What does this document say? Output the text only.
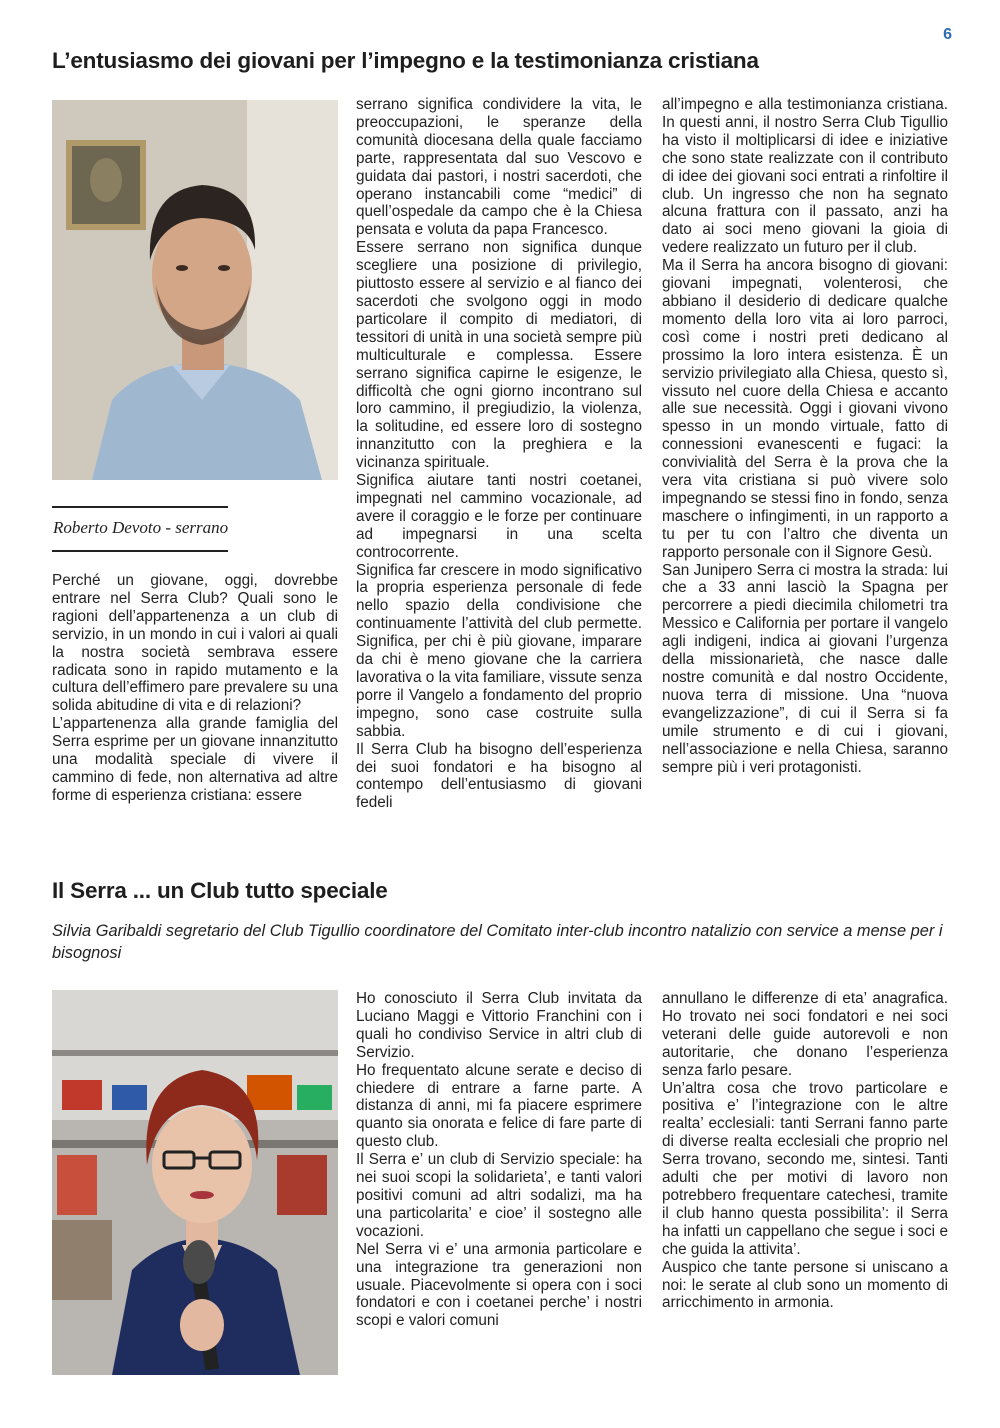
6
L’entusiasmo dei giovani per l’impegno e la testimonianza cristiana
Roberto Devoto - serrano

Perché un giovane, oggi, dovrebbe entrare nel Serra Club? Quali sono le ragioni dell’appartenenza a un club di servizio, in un mondo in cui i valori ai quali la nostra società sembrava essere radicata sono in rapido mutamento e la cultura dell’effimero pare prevalere su una solida abitudine di vita e di relazioni?

L’appartenenza alla grande famiglia del Serra esprime per un giovane innanzitutto una modalità speciale di vivere il cammino di fede, non alternativa ad altre forme di esperienza cristiana: essere

serrano significa condividere la vita, le preoccupazioni, le speranze della comunità diocesana della quale facciamo parte, rappresentata dal suo Vescovo e guidata dai pastori, i nostri sacerdoti, che operano instancabili come “medici” di quell’ospedale da campo che è la Chiesa pensata e voluta da papa Francesco.

Essere serrano non significa dunque scegliere una posizione di privilegio, piuttosto essere al servizio e al fianco dei sacerdoti che svolgono oggi in modo particolare il compito di mediatori, di tessitori di unità in una società sempre più multiculturale e complessa. Essere serrano significa capirne le esigenze, le difficoltà che ogni giorno incontrano sul loro cammino, il pregiudizio, la violenza, la solitudine, ed essere loro di sostegno innanzitutto con la preghiera e la vicinanza spirituale.

Significa aiutare tanti nostri coetanei, impegnati nel cammino vocazionale, ad avere il coraggio e le forze per continuare ad impegnarsi in una scelta controcorrente.

Significa far crescere in modo significativo la propria esperienza personale di fede nello spazio della condivisione che continuamente l’attività del club permette. Significa, per chi è più giovane, imparare da chi è meno giovane che la carriera lavorativa o la vita familiare, vissute senza porre il Vangelo a fondamento del proprio impegno, sono case costruite sulla sabbia.

Il Serra Club ha bisogno dell’esperienza dei suoi fondatori e ha bisogno al contempo dell’entusiasmo di giovani fedeli

all’impegno e alla testimonianza cristiana. In questi anni, il nostro Serra Club Tigullio ha visto il moltiplicarsi di idee e iniziative che sono state realizzate con il contributo di idee dei giovani soci entrati a rinfoltire il club. Un ingresso che non ha segnato alcuna frattura con il passato, anzi ha dato ai soci meno giovani la gioia di vedere realizzato un futuro per il club.

Ma il Serra ha ancora bisogno di giovani: giovani impegnati, volenterosi, che abbiano il desiderio di dedicare qualche momento della loro vita ai loro parroci, così come i nostri preti dedicano al prossimo la loro intera esistenza. È un servizio privilegiato alla Chiesa, questo sì, vissuto nel cuore della Chiesa e accanto alle sue necessità. Oggi i giovani vivono spesso in un mondo virtuale, fatto di connessioni evanescenti e fugaci: la convivialità del Serra è la prova che la vera vita cristiana si può vivere solo impegnando se stessi fino in fondo, senza maschere o infingimenti, in un rapporto a tu per tu con l’altro che diventa un rapporto personale con il Signore Gesù.

San Junipero Serra ci mostra la strada: lui che a 33 anni lasciò la Spagna per percorrere a piedi diecimila chilometri tra Messico e California per portare il vangelo agli indigeni, indica ai giovani l’urgenza della missionarietà, che nasce dalle nostre comunità e dal nostro Occidente, nuova terra di missione. Una “nuova evangelizzazione”, di cui il Serra si fa umile strumento e di cui i giovani, nell’associazione e nella Chiesa, saranno sempre più i veri protagonisti.

Il Serra ... un Club tutto speciale
Silvia Garibaldi segretario del Club Tigullio coordinatore del Comitato inter-club incontro natalizio con service a mense per i bisognosi

Ho conosciuto il Serra Club invitata da Luciano Maggi e Vittorio Franchini con i quali ho condiviso Service in altri club di Servizio.

Ho frequentato alcune serate e deciso di chiedere di entrare a farne parte. A distanza di anni, mi fa piacere esprimere quanto sia onorata e felice di fare parte di questo club.

Il Serra e’ un club di Servizio speciale: ha nei suoi scopi la solidarieta’, e tanti valori positivi comuni ad altri sodalizi, ma ha una particolarita’ e cioe’ il sostegno alle vocazioni.

Nel Serra vi e’ una armonia particolare e una integrazione tra generazioni non usuale. Piacevolmente si opera con i soci fondatori e con i coetanei perche’ i nostri scopi e valori comuni

annullano le differenze di eta’ anagrafica. Ho trovato nei soci fondatori e nei soci veterani delle guide autorevoli e non autoritarie, che donano l’esperienza senza farlo pesare.

Un’altra cosa che trovo particolare e positiva e’ l’integrazione con le altre realta’ ecclesiali: tanti Serrani fanno parte di diverse realta ecclesiali che proprio nel Serra trovano, secondo me, sintesi. Tanti adulti che per motivi di lavoro non potrebbero frequentare catechesi, tramite il club hanno questa possibilita’: il Serra ha infatti un cappellano che segue i soci e che guida la attivita’.

Auspico che tante persone si uniscano a noi: le serate al club sono un momento di arricchimento in armonia.
